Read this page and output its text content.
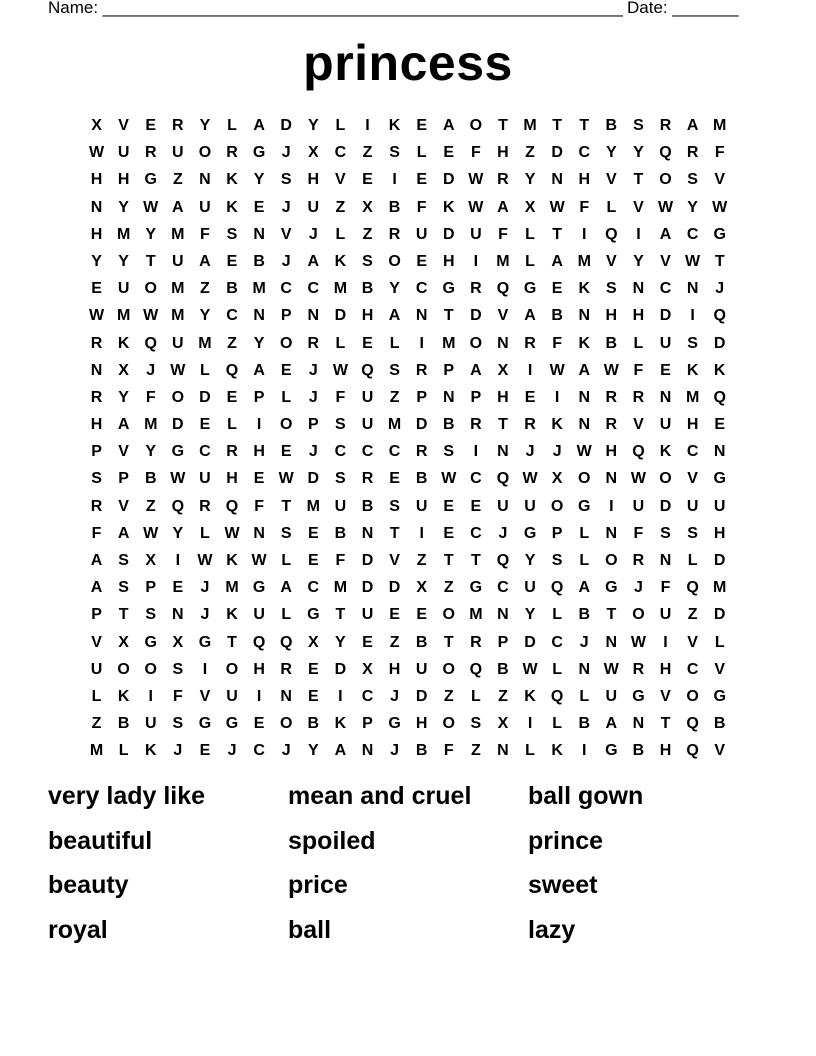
Name: _______________________________________________________ Date: _______
princess
X	V	E R Y	L	A D Y	L	I	K E A O T M T	T	B S R A M
W U R U O R G	J	X C	Z	S	L	E	F	H	Z	D C Y	Y Q R	F
H H G Z	N K Y	S H V	E	I	E D W R Y N H V	T O S	V
N Y W A U K E	J	U	Z	X B	F	K W A X W F	L	V W Y W
H M Y M F	S N V	J	L	Z	R U D U	F	L	T	I	Q	I	A C G
Y	Y	T	U A E B	J	A K S O E H	I	M L	A M V	Y	V W T
E U O M Z	B M C C M B Y C G R Q G E K S N C N	J
W M W M Y C N P N D H A N	T	D V A B N H H D	I	Q
R K Q U M Z	Y O R	L	E	L	I	M O N R	F	K B	L	U S D
N X	J W L Q A E	J W Q S R P A X	I	W A W F	E K K
R Y	F O D E	P	L	J	F	U	Z	P N P H E	I	N R R N M Q
H A M D E	L	I	O P	S U M D B R	T	R K N R V U H E
P	V	Y G C R H E	J	C C C R S	I	N	J	J W H Q K C N
S	P B W U H E W D S R E B W C Q W X O N W O V G
R V	Z Q R Q F	T M U B S U E	E U U O G	I	U D U U
F	A W Y	L W N S	E B N	T	I	E C	J	G P	L	N	F	S	S H
A S	X	I	W K W L	E	F	D V	Z	T	T Q Y	S	L O R N	L	D
A S	P	E	J M G A C M D D X	Z G C U Q A G	J	F Q M
P	T	S N	J	K U	L G T	U E	E O M N Y	L	B	T O U	Z	D
V	X G X G T Q Q X	Y	E	Z	B	T	R P D C	J	N W	I	V	L
U O O S	I	O H R E D X H U O Q B W L	N W R H C V
L	K	I	F	V U	I	N E	I	C	J	D	Z	L	Z	K Q L	U G V O G
Z	B U S G G E O B K P G H O S	X	I	L	B A N	T Q B
M L	K	J	E	J	C	J	Y A N	J	B	F	Z	N	L	K	I	G B H Q V
very lady like	mean and cruel	ball gown
beautiful	spoiled	prince
beauty	price	sweet
royal	ball	lazy
